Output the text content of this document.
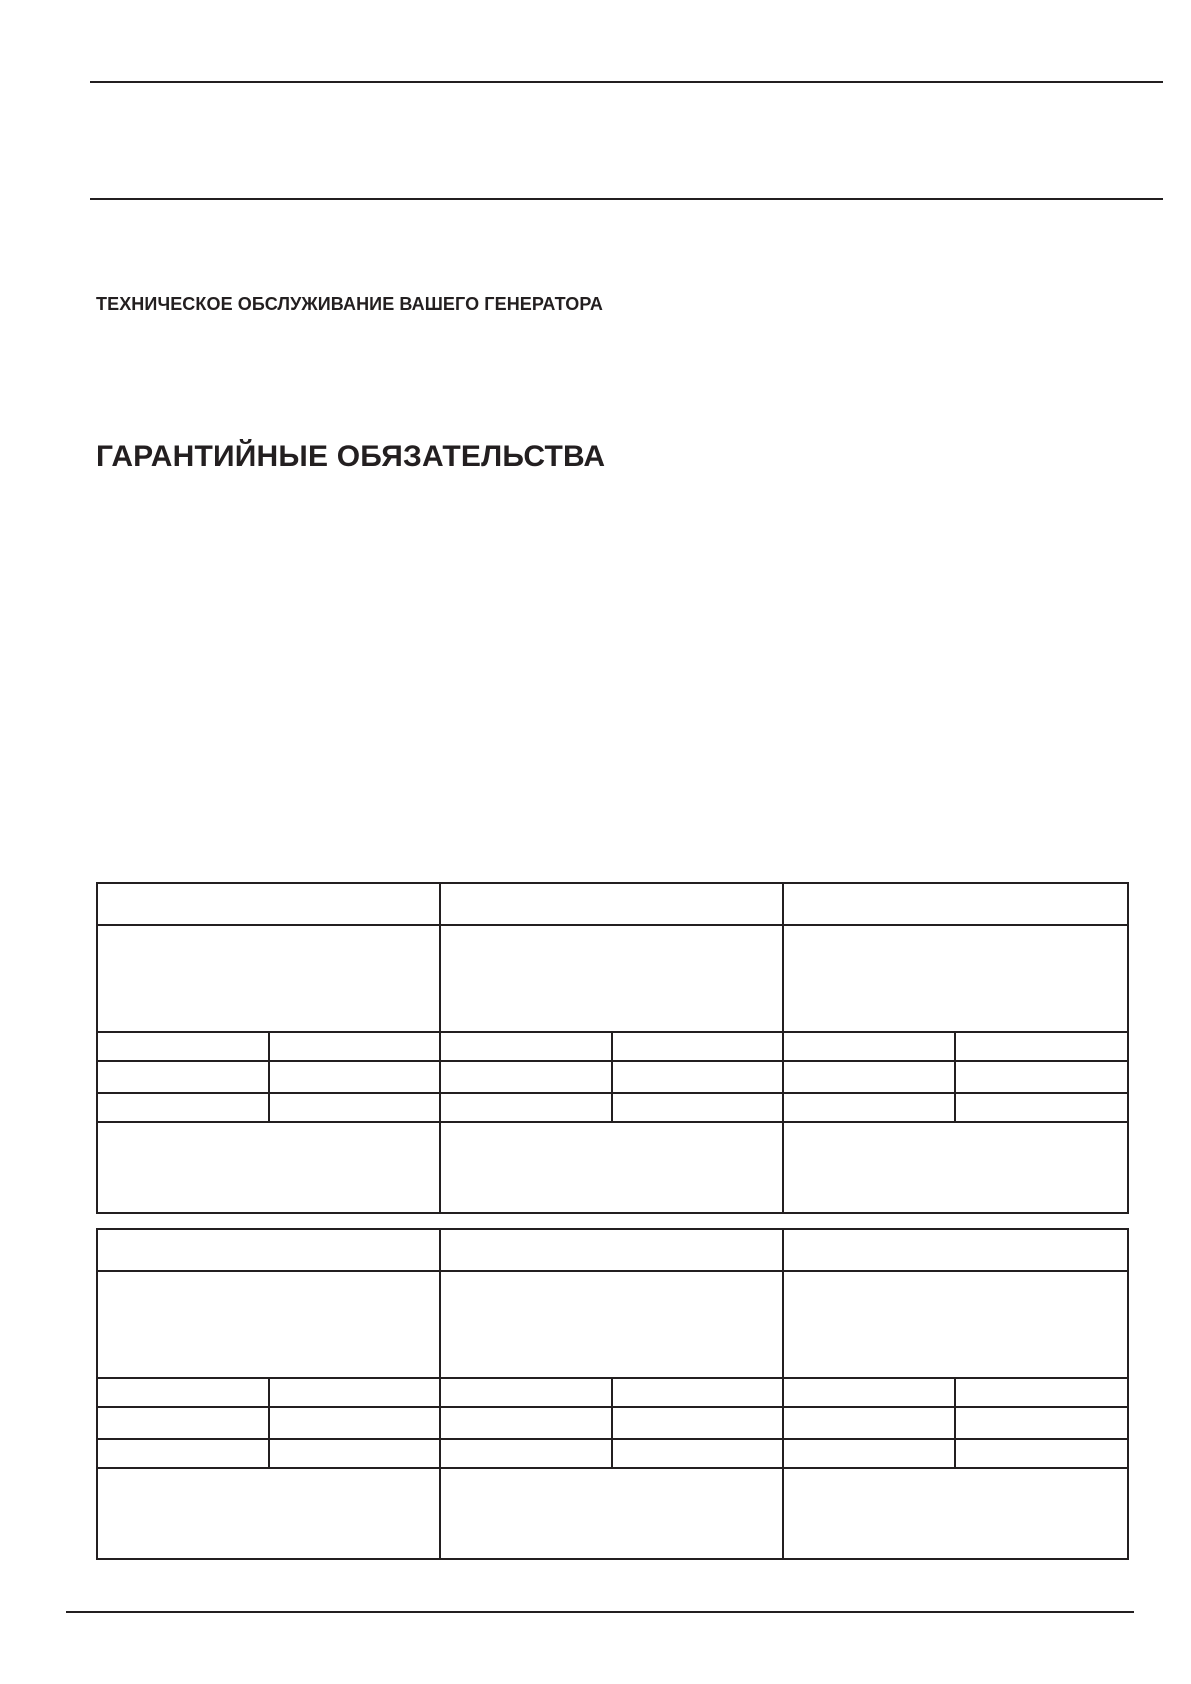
ТЕХНИЧЕСКОЕ ОБСЛУЖИВАНИЕ ВАШЕГО ГЕНЕРАТОРА
ГАРАНТИЙНЫЕ ОБЯЗАТЕЛЬСТВА
